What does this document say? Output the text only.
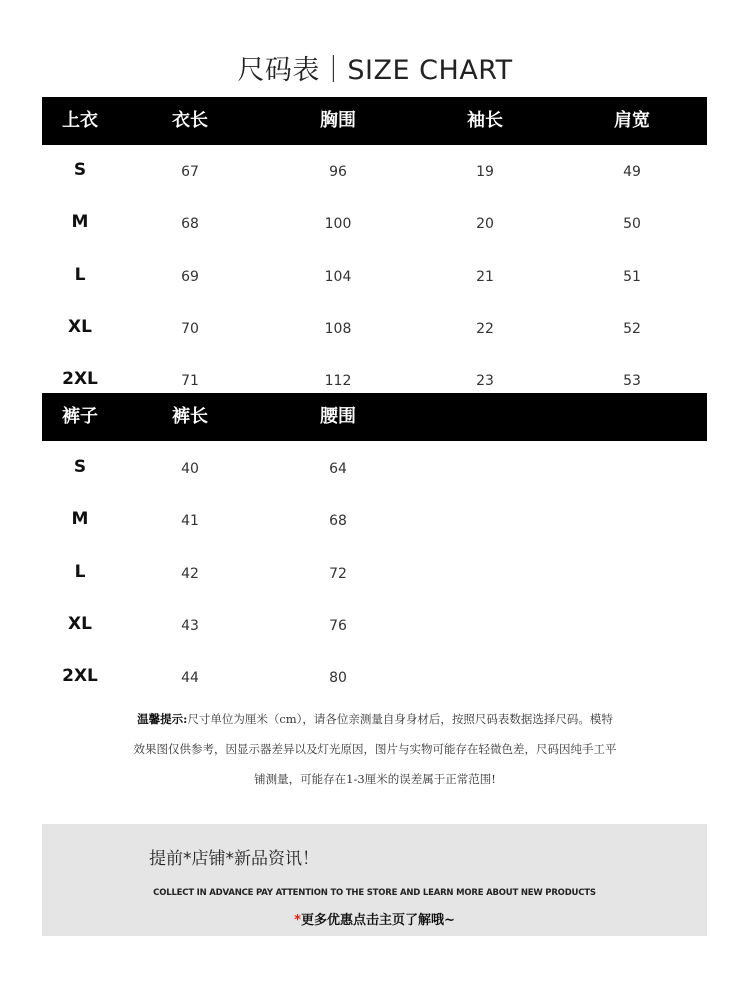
尺码表｜SIZE CHART
上衣	衣长	胸围	袖长	肩宽
S	67	96	19	49
M	68	100	20	50
L	69	104	21	51
XL	70	108	22	52
2XL	71	112	23	53
裤子	裤长	腰围
S	40	64
M	41	68
L	42	72
XL	43	76
2XL	44	80
温馨提示:尺寸单位为厘米（cm），请各位亲测量自身身材后，按照尺码表数据选择尺码。模特
效果图仅供参考，因显示器差异以及灯光原因，图片与实物可能存在轻微色差，尺码因纯手工平
铺测量，可能存在1-3厘米的误差属于正常范围!
提前*店铺*新品资讯！
COLLECT IN ADVANCE PAY ATTENTION TO THE STORE AND LEARN MORE ABOUT NEW PRODUCTS
*更多优惠点击主页了解哦~
